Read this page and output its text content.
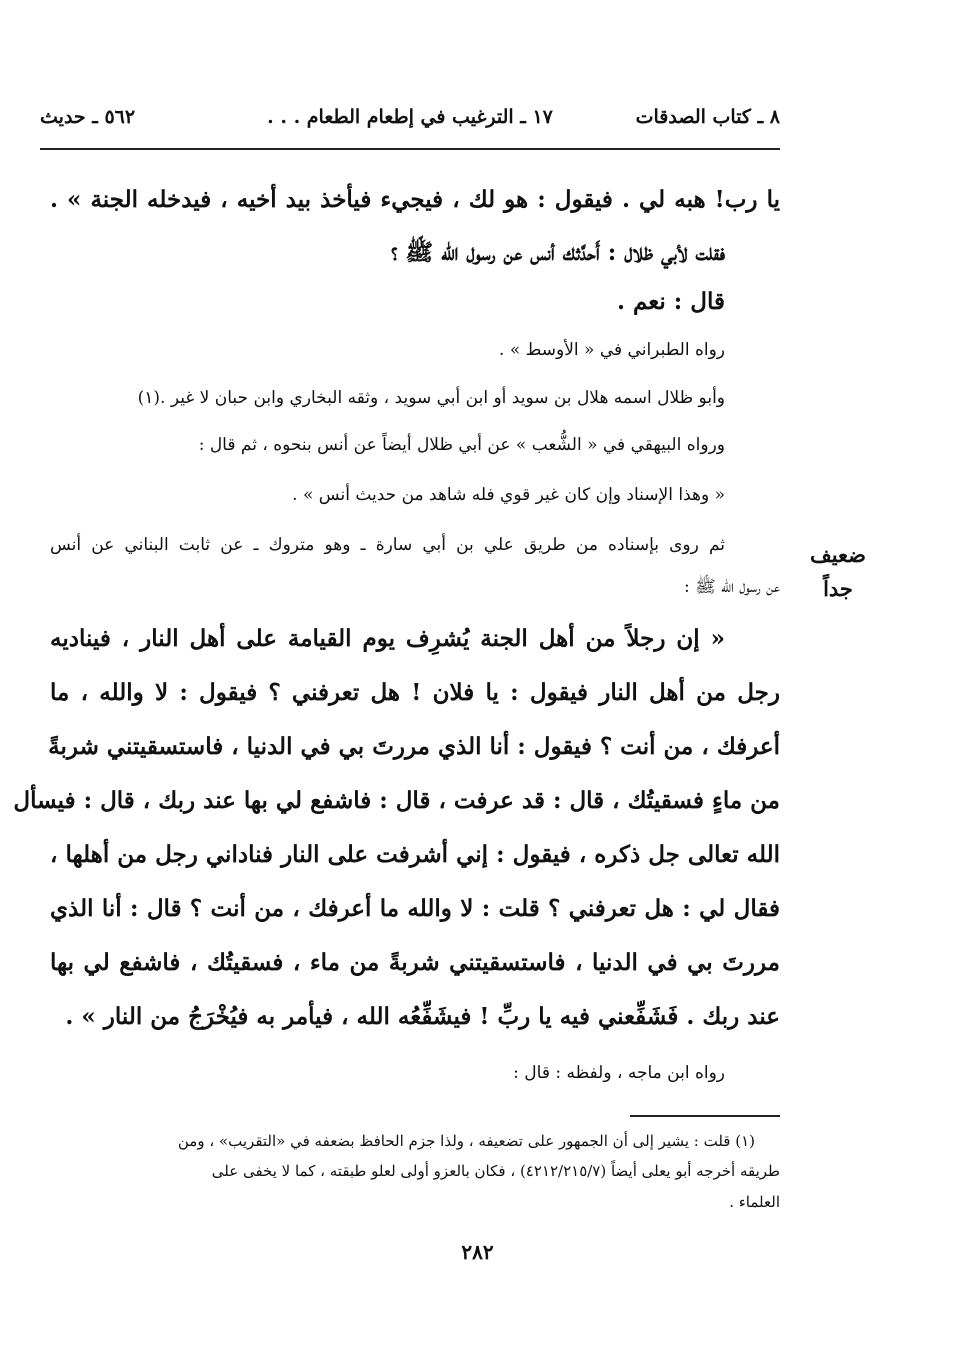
٨ ـ كتاب الصدقات
١٧ ـ الترغيب في إطعام الطعام . . .
٥٦٢ ـ حديث
يا رب! هبه لي . فيقول : هو لك ، فيجيء فيأخذ بيد أخيه ، فيدخله الجنة » .
فقلت لأبي ظلال : أَحدَّثك أنس عن رسول الله ﷺ ؟
قال : نعم .
رواه الطبراني في « الأوسط » .
وأبو ظلال اسمه هلال بن سويد أو ابن أبي سويد ، وثقه البخاري وابن حبان لا غير .(١)
ورواه البيهقي في « الشُّعب » عن أبي ظلال أيضاً عن أنس بنحوه ، ثم قال :
« وهذا الإسناد وإن كان غير قوي فله شاهد من حديث أنس » .
ثم روى بإسناده من طريق علي بن أبي سارة ـ وهو متروك ـ عن ثابت البناني عن أنس
عن رسول الله ﷺ :
ضعيف
جداً
« إن رجلاً من أهل الجنة يُشرِف يوم القيامة على أهل النار ، فيناديه
رجل من أهل النار فيقول : يا فلان ! هل تعرفني ؟ فيقول : لا والله ، ما
أعرفك ، من أنت ؟ فيقول : أنا الذي مررتَ بي في الدنيا ، فاستسقيتني شربةً
من ماءٍ فسقيتُك ، قال : قد عرفت ، قال : فاشفع لي بها عند ربك ، قال : فيسأل
الله تعالى جل ذكره ، فيقول : إني أشرفت على النار فناداني رجل من أهلها ،
فقال لي : هل تعرفني ؟ قلت : لا والله ما أعرفك ، من أنت ؟ قال : أنا الذي
مررتَ بي في الدنيا ، فاستسقيتني شربةً من ماء ، فسقيتُك ، فاشفع لي بها
عند ربك . فَشَفِّعني فيه يا ربِّ ! فيشَفِّعُه الله ، فيأمر به فيُخْرَجُ من النار » .
رواه ابن ماجه ، ولفظه : قال :
(١) قلت : يشير إلى أن الجمهور على تضعيفه ، ولذا جزم الحافظ بضعفه في «التقريب» ، ومن
طريقه أخرجه أبو يعلى أيضاً (٤٢١٢/٢١٥/٧) ، فكان بالعزو أولى لعلو طبقته ، كما لا يخفى على
العلماء .
٢٨٢
